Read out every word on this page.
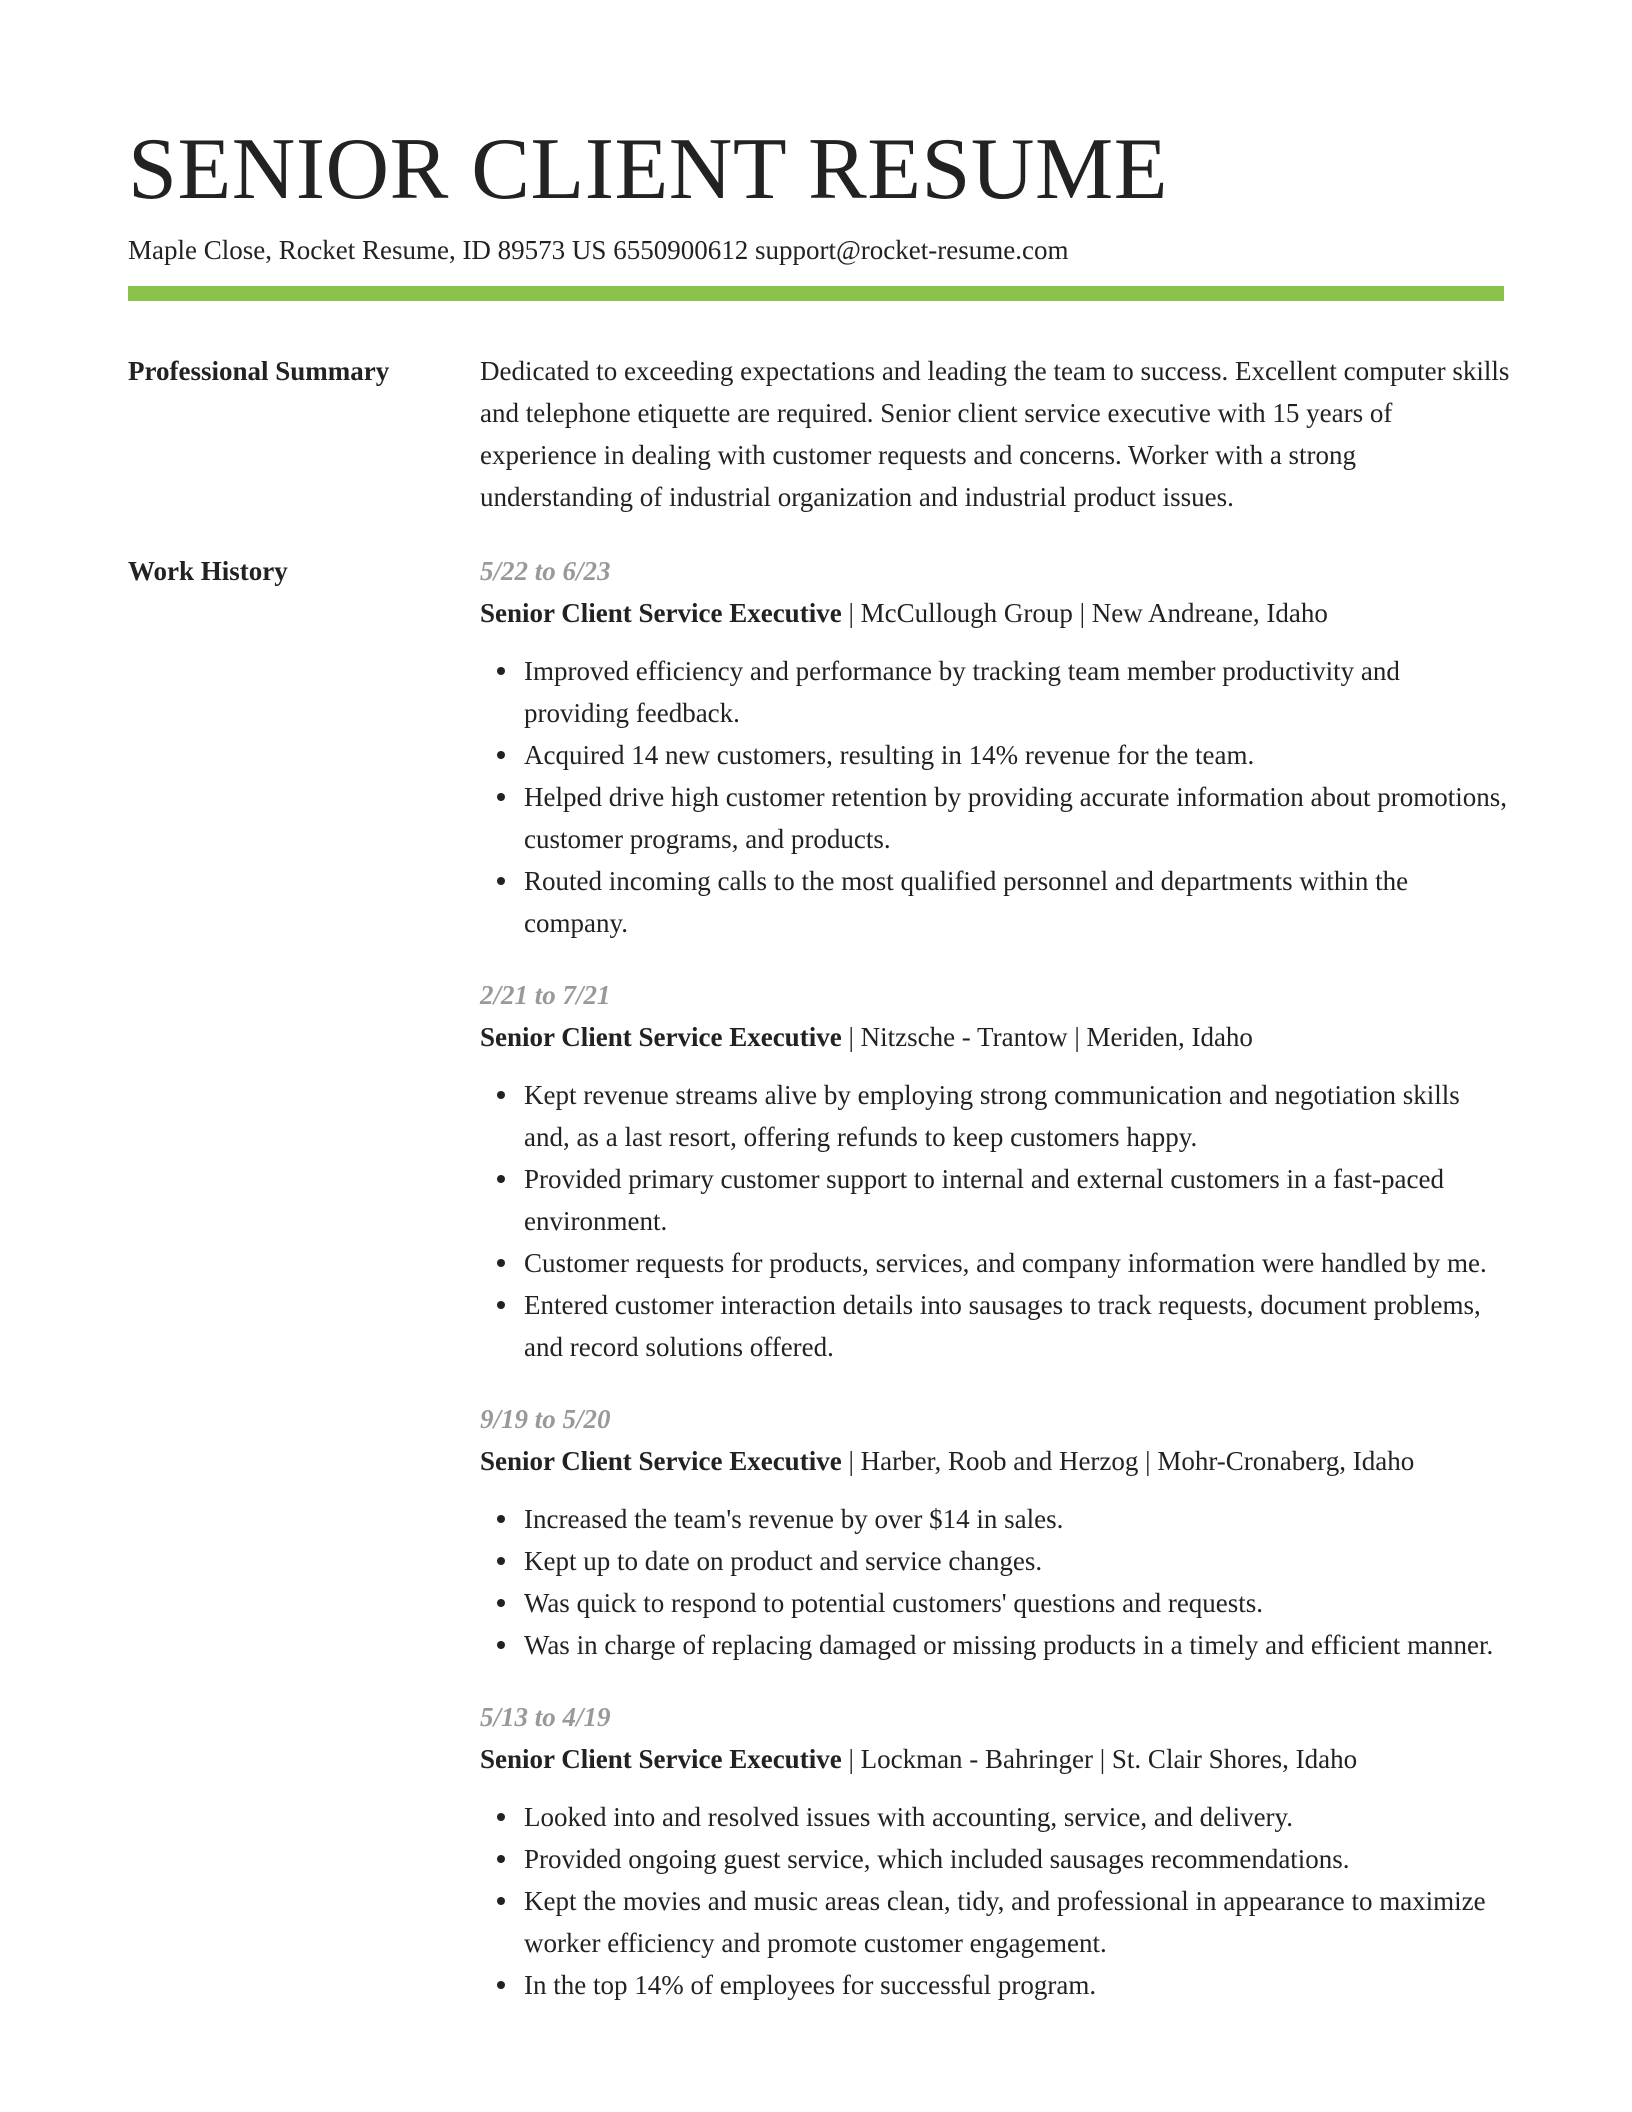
SENIOR CLIENT RESUME
Maple Close, Rocket Resume, ID 89573 US 6550900612 support@rocket-resume.com
Professional Summary	Dedicated to exceeding expectations and leading the team to success. Excellent computer skills and telephone etiquette are required. Senior client service executive with 15 years of experience in dealing with customer requests and concerns. Worker with a strong understanding of industrial organization and industrial product issues.

Work History	5/22 to 6/23
Senior Client Service Executive | McCullough Group | New Andreane, Idaho
Improved efficiency and performance by tracking team member productivity and providing feedback.
Acquired 14 new customers, resulting in 14% revenue for the team.
Helped drive high customer retention by providing accurate information about promotions, customer programs, and products.
Routed incoming calls to the most qualified personnel and departments within the company.
2/21 to 7/21
Senior Client Service Executive | Nitzsche - Trantow | Meriden, Idaho
Kept revenue streams alive by employing strong communication and negotiation skills and, as a last resort, offering refunds to keep customers happy.
Provided primary customer support to internal and external customers in a fast-paced environment.
Customer requests for products, services, and company information were handled by me.
Entered customer interaction details into sausages to track requests, document problems, and record solutions offered.
9/19 to 5/20
Senior Client Service Executive | Harber, Roob and Herzog | Mohr-Cronaberg, Idaho
Increased the team's revenue by over $14 in sales.
Kept up to date on product and service changes.
Was quick to respond to potential customers' questions and requests.
Was in charge of replacing damaged or missing products in a timely and efficient manner.
5/13 to 4/19
Senior Client Service Executive | Lockman - Bahringer | St. Clair Shores, Idaho
Looked into and resolved issues with accounting, service, and delivery.
Provided ongoing guest service, which included sausages recommendations.
Kept the movies and music areas clean, tidy, and professional in appearance to maximize worker efficiency and promote customer engagement.
In the top 14% of employees for successful program.
